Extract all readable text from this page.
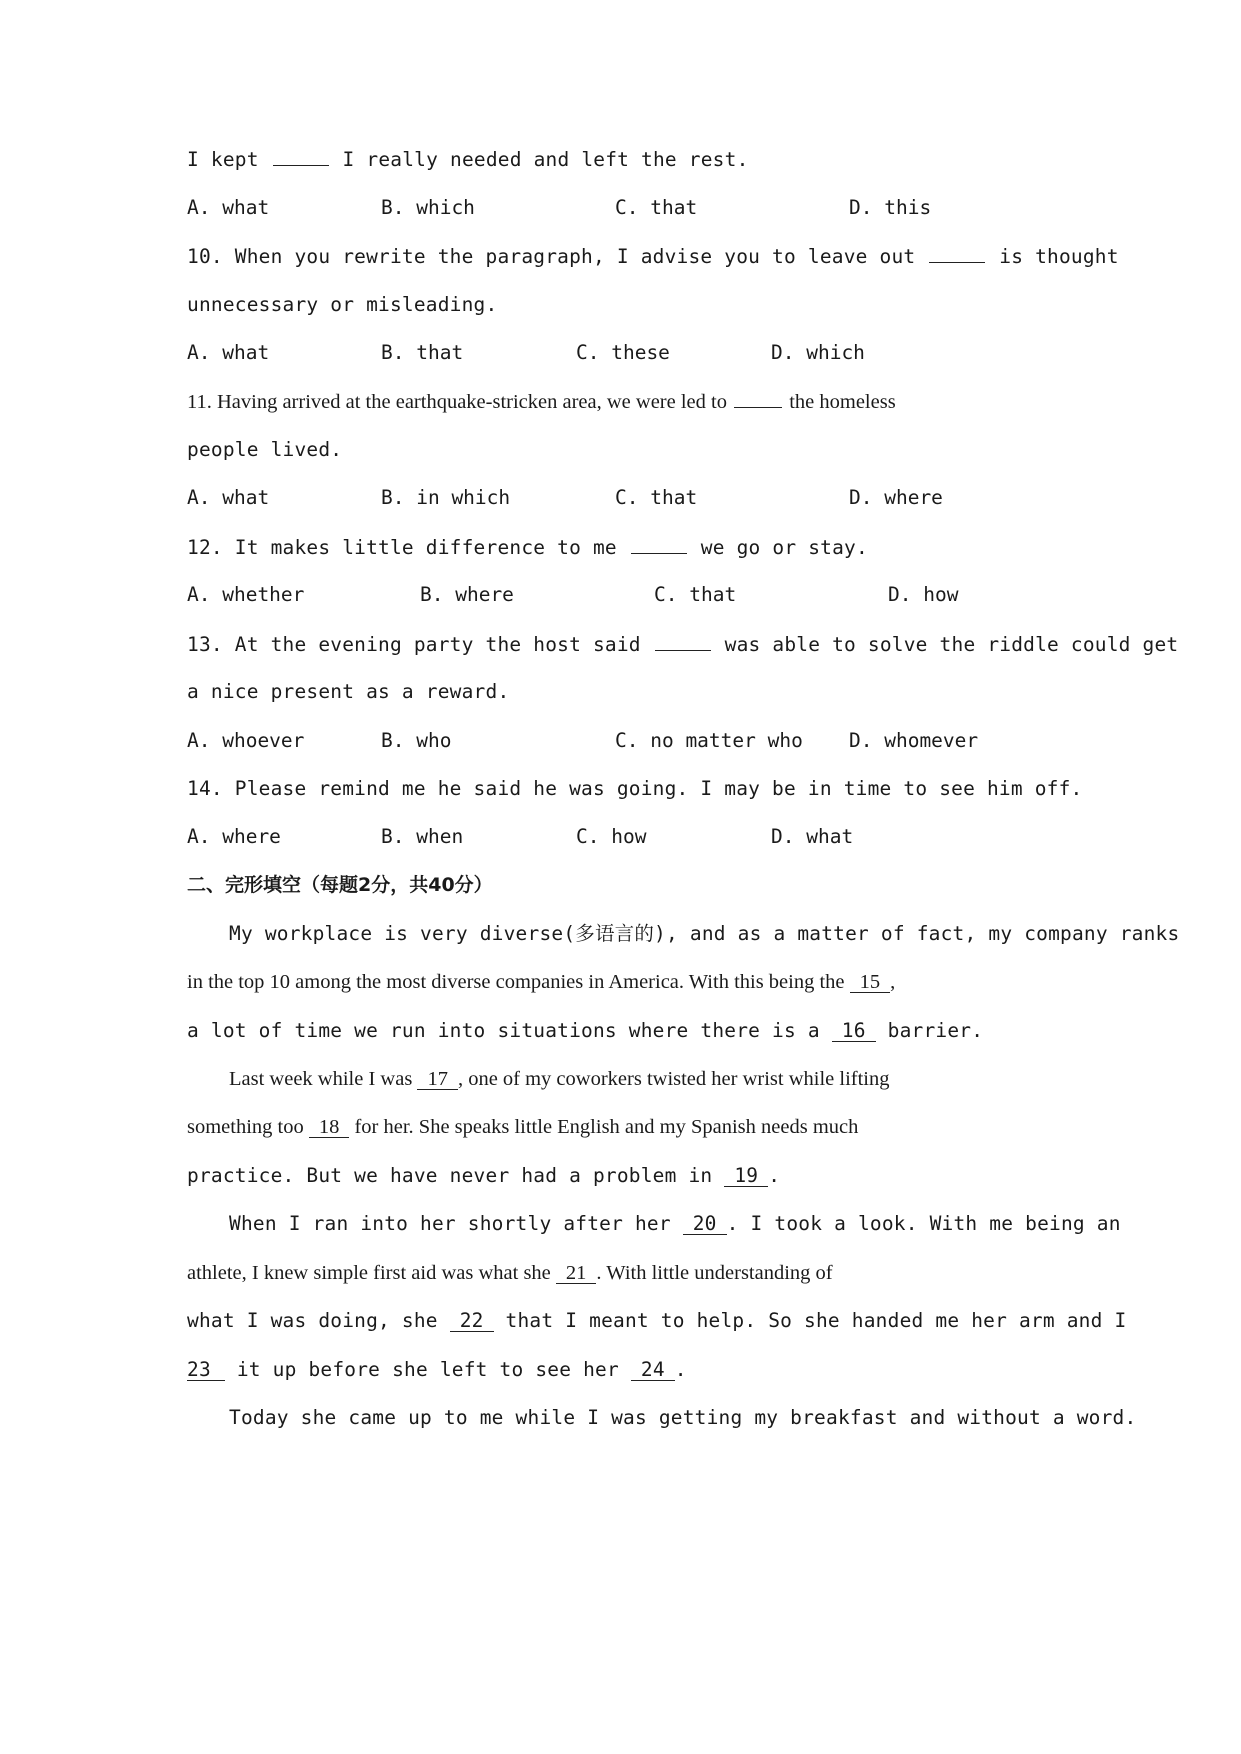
I kept	I really needed and left the rest.
A. what	B. which	C. that	D. this
10. When you rewrite the paragraph, I advise you to leave out	is thought
unnecessary or misleading.
A. what	B. that	C. these	D. which
11. Having arrived at the earthquake-stricken area, we were led to	the homeless
people lived.
A. what	B. in which	C. that	D. where
12. It makes little difference to me	we go or stay.
A. whether	B. where	C. that	D. how
13. At the evening party the host said	was able to solve the riddle could get
a nice present as a reward.
A. whoever	B. who	C. no matter who D. whomever
14. Please remind me he said he was going. I may be in time to see him off.
A. where	B. when	C. how	D. what
二、完形填空（每题2分，共40分）
My workplace is very diverse(多语言的), and as a matter of fact, my company ranks
in the top 10 among the most diverse companies in America. With this being the 15 ,
a lot of time we run into situations where there is a 16 barrier.
Last week while I was 17 , one of my coworkers twisted her wrist while lifting
something too 18 for her. She speaks little English and my Spanish needs much
practice. But we have never had a problem in 19 .
When I ran into her shortly after her 20 . I took a look. With me being an
athlete, I knew simple first aid was what she 21 . With little understanding of
what I was doing, she 22 that I meant to help. So she handed me her arm and I
23 it up before she left to see her 24 .
Today she came up to me while I was getting my breakfast and without a word.
